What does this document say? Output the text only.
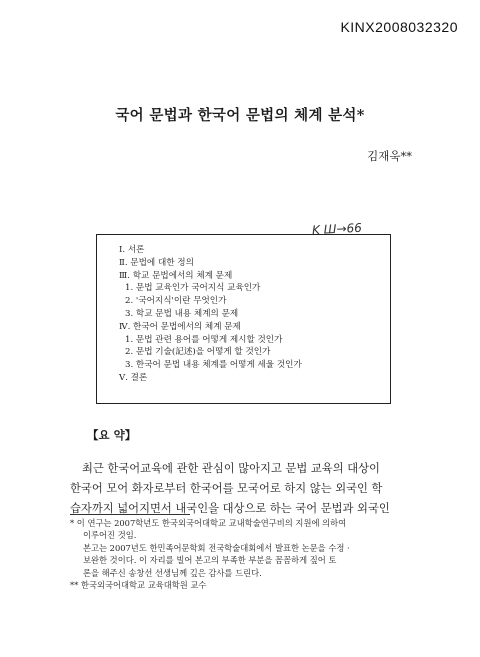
KINX2008032320
국어 문법과 한국어 문법의 체계 분석*
김재욱**
K Ш→66
Ⅰ. 서론
Ⅱ. 문법에 대한 정의
Ⅲ. 학교 문법에서의 체계 문제
1. 문법 교육인가 국어지식 교육인가
2. '국어지식'이란 무엇인가
3. 학교 문법 내용 체계의 문제
Ⅳ. 한국어 문법에서의 체계 문제
1. 문법 관련 용어를 어떻게 제시할 것인가
2. 문법 기술(記述)을 어떻게 할 것인가
3. 한국어 문법 내용 체계를 어떻게 세울 것인가
Ⅴ. 결론
【요 약】

최근 한국어교육에 관한 관심이 많아지고 문법 교육의 대상이

한국어 모어 화자로부터 한국어를 모국어로 하지 않는 외국인 학

습자까지 넓어지면서 내국인을 대상으로 하는 국어 문법과 외국인

* 이 연구는 2007학년도 한국외국어대학교 교내학술연구비의 지원에 의하여

이루어진 것임.

본고는 2007년도 한민족어문학회 전국학술대회에서 발표한 논문을 수정 ·

보완한 것이다. 이 자리를 빌어 본고의 부족한 부분을 꼼꼼하게 짚어 토

론을 해주신 송창선 선생님께 깊은 감사를 드린다.

** 한국외국어대학교 교육대학원 교수
